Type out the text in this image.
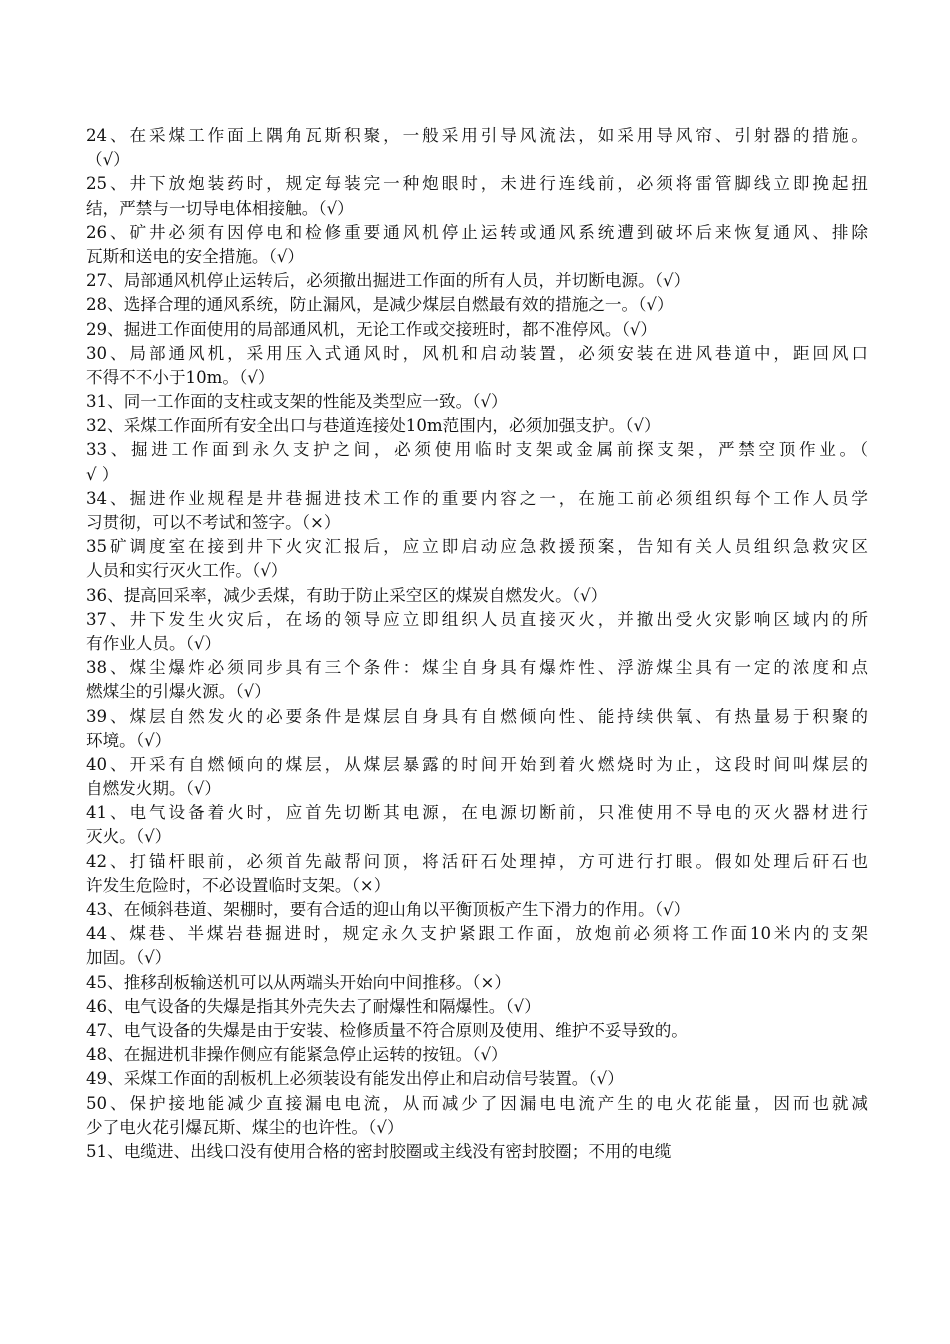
24、在采煤工作面上隅角瓦斯积聚，一般采用引导风流法，如采用导风帘、引射器的措施。
（√）
25、井下放炮装药时，规定每装完一种炮眼时，未进行连线前，必须将雷管脚线立即挽起扭
结，严禁与一切导电体相接触。（√）
26、矿井必须有因停电和检修重要通风机停止运转或通风系统遭到破坏后来恢复通风、排除
瓦斯和送电的安全措施。（√）
27、局部通风机停止运转后，必须撤出掘进工作面的所有人员，并切断电源。（√）
28、选择合理的通风系统，防止漏风，是减少煤层自燃最有效的措施之一。（√）
29、掘进工作面使用的局部通风机，无论工作或交接班时，都不准停风。（√）
30、局部通风机，采用压入式通风时，风机和启动装置，必须安装在进风巷道中，距回风口
不得不不小于10m。（√）
31、同一工作面的支柱或支架的性能及类型应一致。（√）
32、采煤工作面所有安全出口与巷道连接处10m范围内，必须加强支护。（√）
33、掘进工作面到永久支护之间，必须使用临时支架或金属前探支架，严禁空顶作业。（
√ ）
34、掘进作业规程是井巷掘进技术工作的重要内容之一，在施工前必须组织每个工作人员学
习贯彻，可以不考试和签字。（×）
35矿调度室在接到井下火灾汇报后，应立即启动应急救援预案，告知有关人员组织急救灾区
人员和实行灭火工作。（√）
36、提高回采率，减少丢煤，有助于防止采空区的煤炭自燃发火。（√）
37、井下发生火灾后，在场的领导应立即组织人员直接灭火，并撤出受火灾影响区域内的所
有作业人员。（√）
38、煤尘爆炸必须同步具有三个条件：煤尘自身具有爆炸性、浮游煤尘具有一定的浓度和点
燃煤尘的引爆火源。（√）
39、煤层自然发火的必要条件是煤层自身具有自燃倾向性、能持续供氧、有热量易于积聚的
环境。（√）
40、开采有自燃倾向的煤层，从煤层暴露的时间开始到着火燃烧时为止，这段时间叫煤层的
自燃发火期。（√）
41、电气设备着火时，应首先切断其电源，在电源切断前，只准使用不导电的灭火器材进行
灭火。（√）
42、打锚杆眼前，必须首先敲帮问顶，将活矸石处理掉，方可进行打眼。假如处理后矸石也
许发生危险时，不必设置临时支架。（×）
43、在倾斜巷道、架棚时，要有合适的迎山角以平衡顶板产生下滑力的作用。（√）
44、煤巷、半煤岩巷掘进时，规定永久支护紧跟工作面，放炮前必须将工作面10米内的支架
加固。（√）
45、推移刮板输送机可以从两端头开始向中间推移。（×）
46、电气设备的失爆是指其外壳失去了耐爆性和隔爆性。（√）
47、电气设备的失爆是由于安装、检修质量不符合原则及使用、维护不妥导致的。
48、在掘进机非操作侧应有能紧急停止运转的按钮。（√）
49、采煤工作面的刮板机上必须装设有能发出停止和启动信号装置。（√）
50、保护接地能减少直接漏电电流，从而减少了因漏电电流产生的电火花能量，因而也就减
少了电火花引爆瓦斯、煤尘的也许性。（√）
51、电缆进、出线口没有使用合格的密封胶圈或主线没有密封胶圈；不用的电缆
